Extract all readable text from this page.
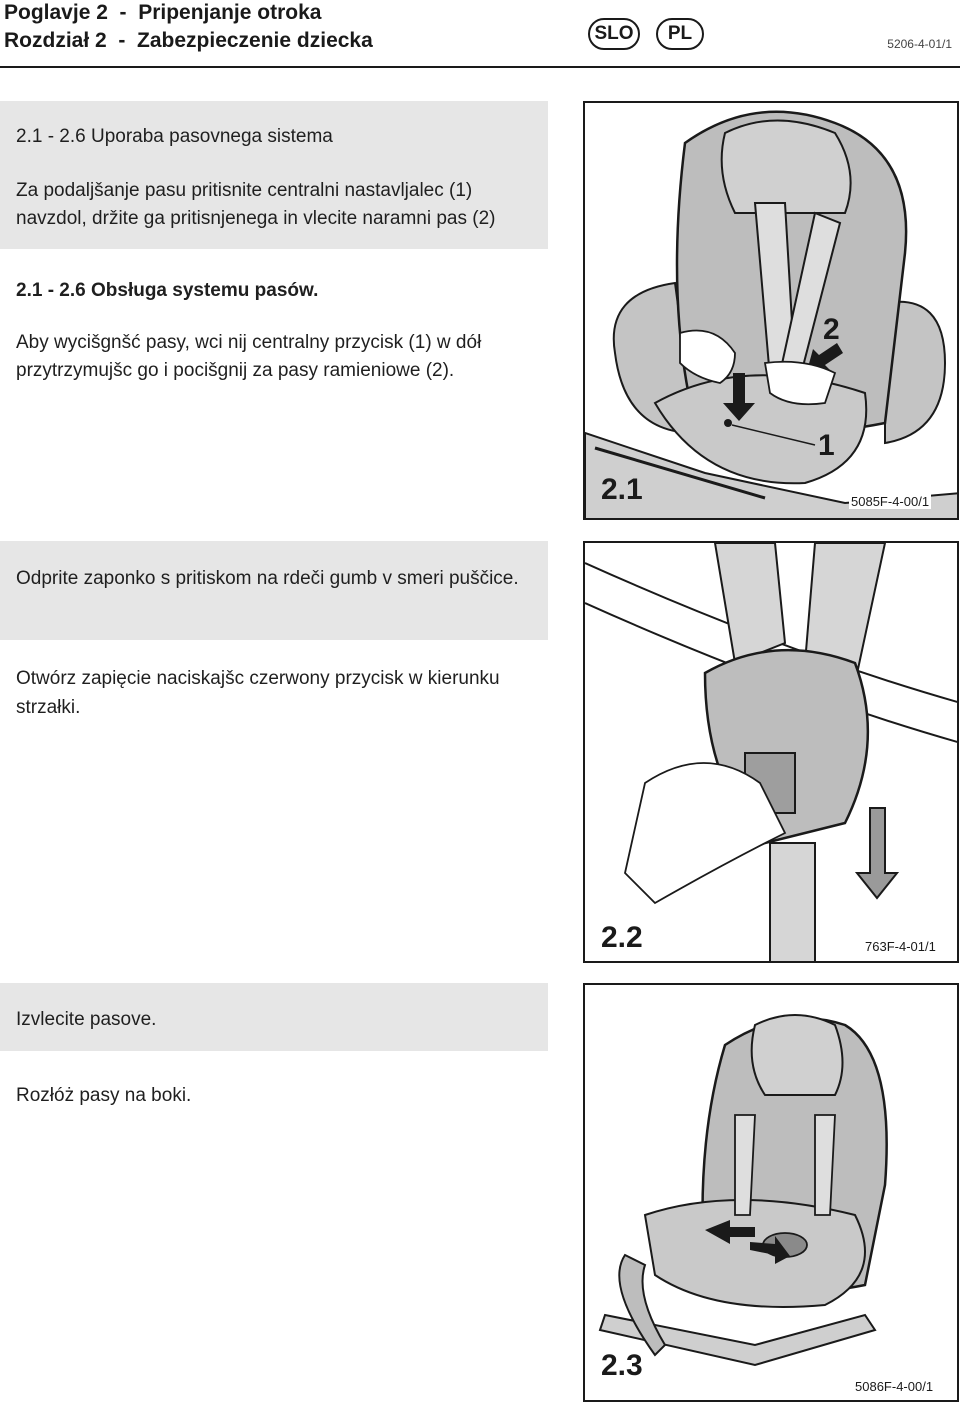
Poglavje 2  -  Pripenjanje otroka
Rozdział 2  -  Zabezpieczenie dziecka	SLO	PL	5206-4-01/1
2.1 - 2.6 Uporaba pasovnega sistema
Za podaljšanje pasu pritisnite centralni nastavljalec (1)
navzdol, držite ga pritisnjenega in vlecite naramni pas (2)
2.1 - 2.6 Obsługa systemu pasów.
Aby wycišgnšć pasy, wci nij centralny przycisk (1) w dół
przytrzymujšc go i pocišgnij za pasy ramieniowe (2).
2
1
2.1	5085F-4-00/1
Odprite zaponko s pritiskom na rdeči gumb v smeri puščice.
Otwórz zapięcie naciskajšc czerwony przycisk w kierunku strzałki.
2.2	763F-4-01/1
Izvlecite pasove.
Rozłóż pasy na boki.
2.3
5086F-4-00/1
